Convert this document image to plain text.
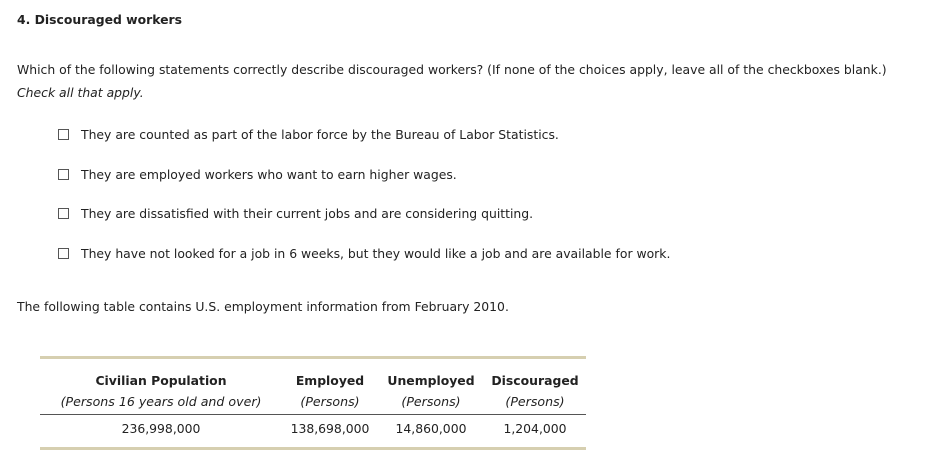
4. Discouraged workers
Which of the following statements correctly describe discouraged workers? (If none of the choices apply, leave all of the checkboxes blank.) Check all that apply.
They are counted as part of the labor force by the Bureau of Labor Statistics.
They are employed workers who want to earn higher wages.
They are dissatisfied with their current jobs and are considering quitting.
They have not looked for a job in 6 weeks, but they would like a job and are available for work.
The following table contains U.S. employment information from February 2010.
Civilian Population	Employed	Unemployed	Discouraged
(Persons 16 years old and over)	(Persons)	(Persons)	(Persons)
236,998,000	138,698,000	14,860,000	1,204,000
